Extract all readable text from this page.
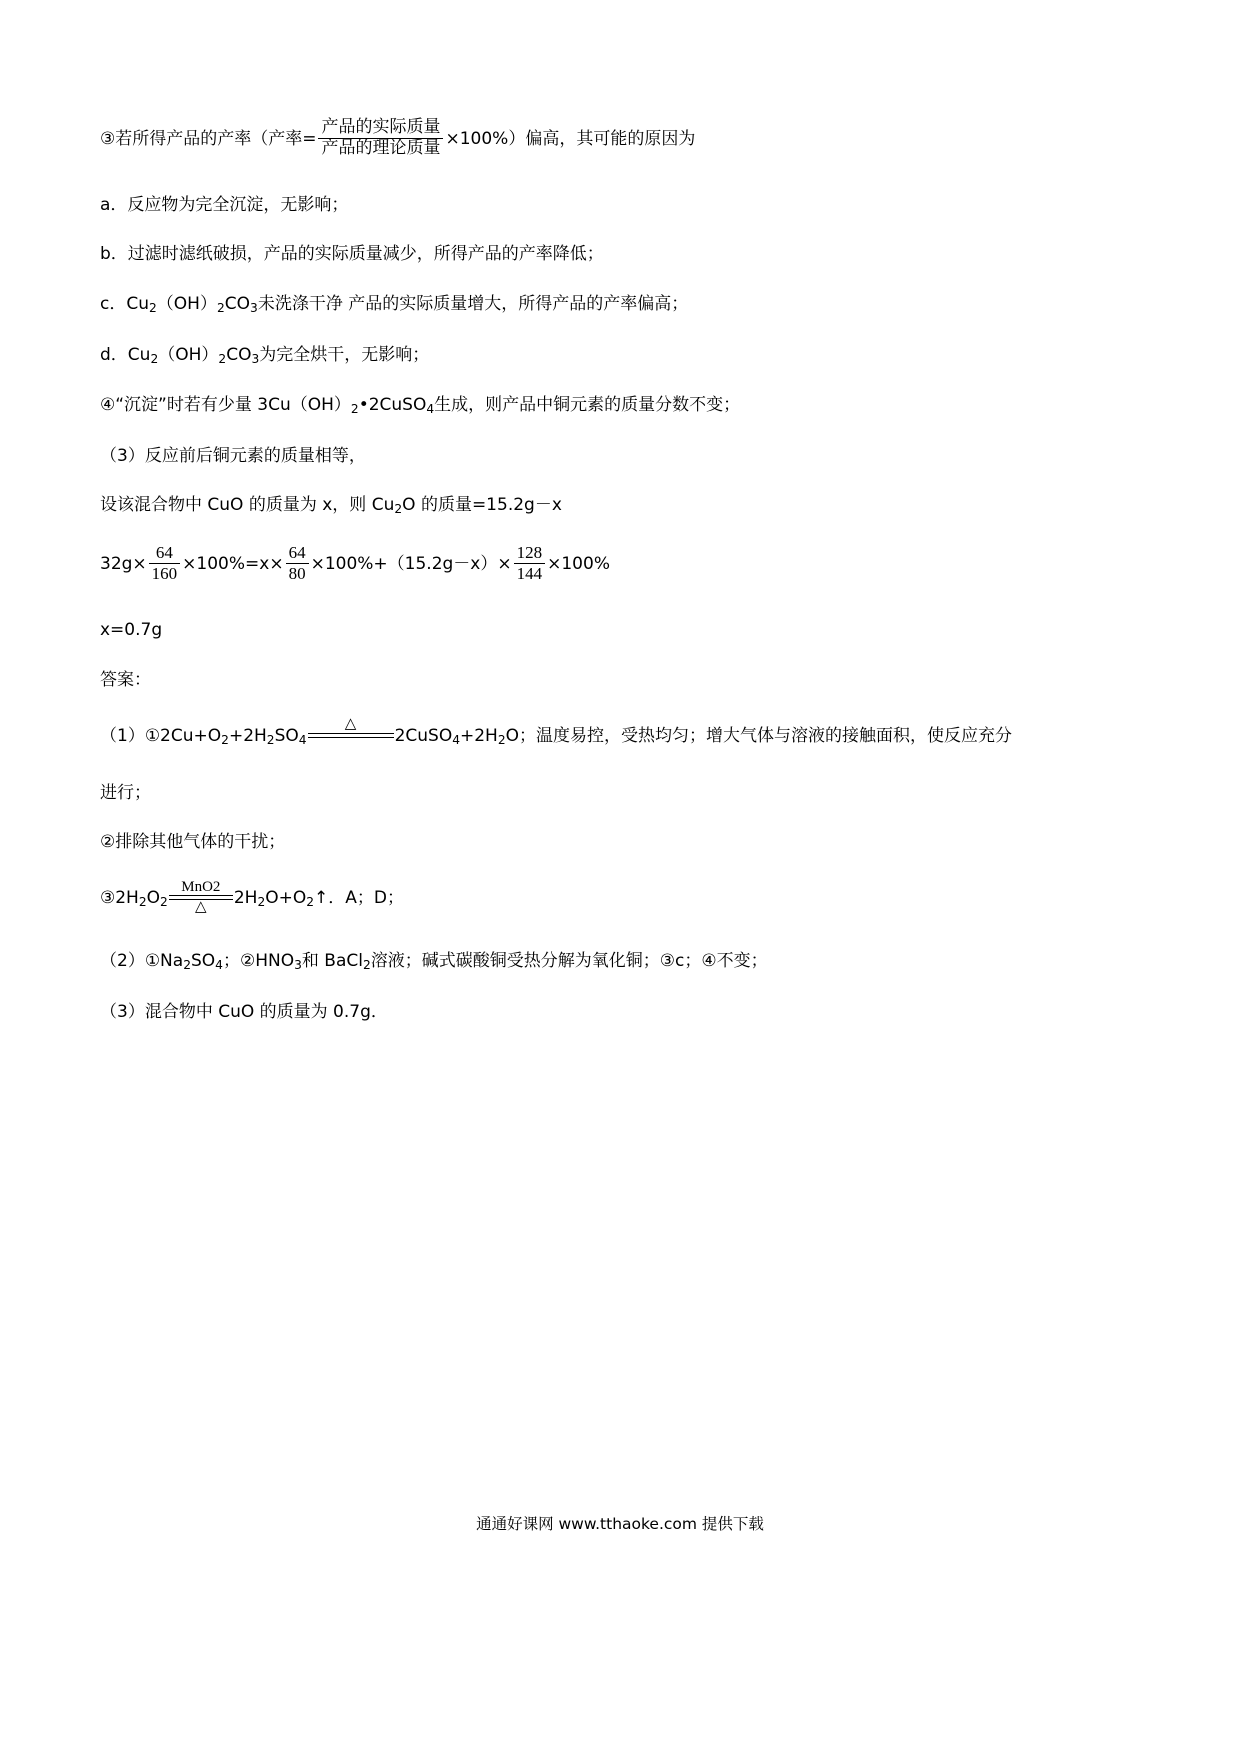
③若所得产品的产率（产率= $\frac{\text{产品的实际质量}}{\text{产品的理论质量}} \times 100\%$）偏高，其可能的原因为
a．反应物为完全沉淀，无影响；
b．过滤时滤纸破损，产品的实际质量减少，所得产品的产率降低；
c．$Cu_2(OH)_2CO_3$未洗涤干净 产品的实际质量增大，所得产品的产率偏高；
d．$Cu_2(OH)_2CO_3$为完全烘干，无影响；
④“沉淀”时若有少量 $3Cu(OH)_2•2CuSO_4$生成，则产品中铜元素的质量分数不变；
（3）反应前后铜元素的质量相等，
设该混合物中 CuO 的质量为 x，则 $Cu_2O$ 的质量=15.2g－x
$32g\times \frac{64}{160} \times 100\%=x\times \frac{64}{80} \times 100\%+(15.2g-x)\times \frac{128}{144} \times 100\%$
x=0.7g
答案：
$(1)①2Cu+O_2+2H_2SO_4$
△
$2CuSO_4+2H_2O$；温度易控，受热均匀；增大气体与溶液的接触面积，使反应充分
进行；
②排除其他气体的干扰；
$③2H_2O_2$
MnO2
△	$2H_2O+O_2↑$．A；D；
$(2)①Na_2SO_4$；$②HNO_3$和 BaCl$_2$溶液；碱式碳酸铜受热分解为氧化铜；③c；④不变；
（3）混合物中 CuO 的质量为 0.7g．
通通好课网 www.tthaoke.com 提供下载
